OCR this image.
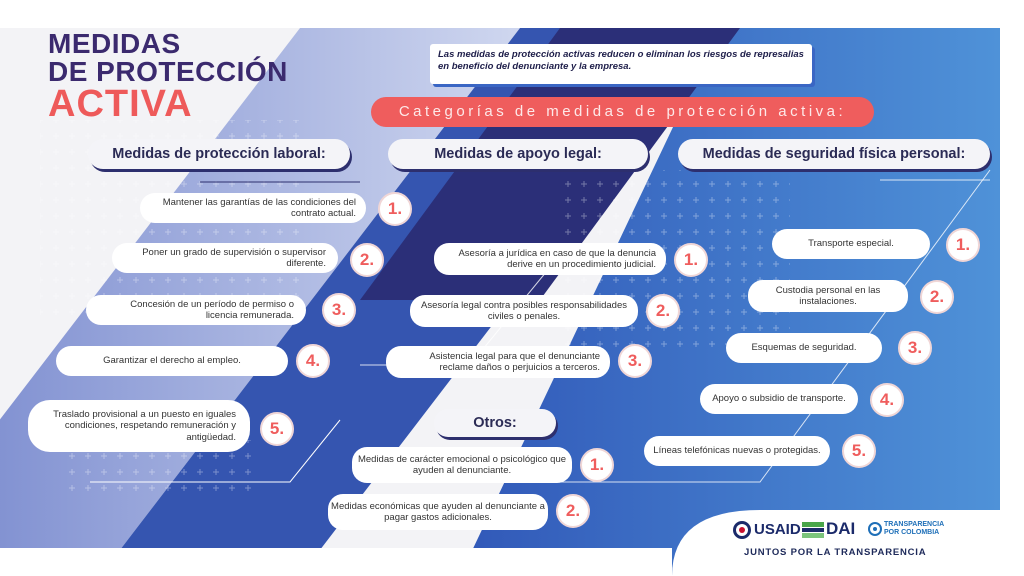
MEDIDAS
DE PROTECCIÓN
ACTIVA
Las medidas de protección activas reducen o eliminan los riesgos de represalias en beneficio del denunciante y la empresa.
Categorías de medidas de protección activa:
Medidas de protección laboral:	Medidas de apoyo legal:	Medidas de seguridad física personal:
Mantener las garantías de las condiciones del contrato actual.	1.
Poner un grado de supervisión o supervisor diferente.	2.
Concesión de un período de permiso o licencia remunerada.	3.
Garantizar el derecho al empleo.	4.
Traslado provisional a un puesto en iguales condiciones, respetando remuneración y antigüedad.	5.
Asesoría a jurídica en caso de que la denuncia derive en un procedimiento judicial.	1.
Asesoría legal contra posibles responsabilidades civiles o penales.	2.
Asistencia legal para que el denunciante reclame daños o perjuicios a terceros.	3.
Otros:
Medidas de carácter emocional o psicológico que ayuden al denunciante.	1.
Medidas económicas que ayuden al denunciante a pagar gastos adicionales.	2.
Transporte especial.	1.
Custodia personal en las instalaciones.	2.
Esquemas de seguridad.	3.
Apoyo o subsidio de transporte.	4.
Líneas telefónicas nuevas o protegidas.	5.
USAID DAI	TRANSPARENCIA
POR COLOMBIA
JUNTOS POR LA TRANSPARENCIA
